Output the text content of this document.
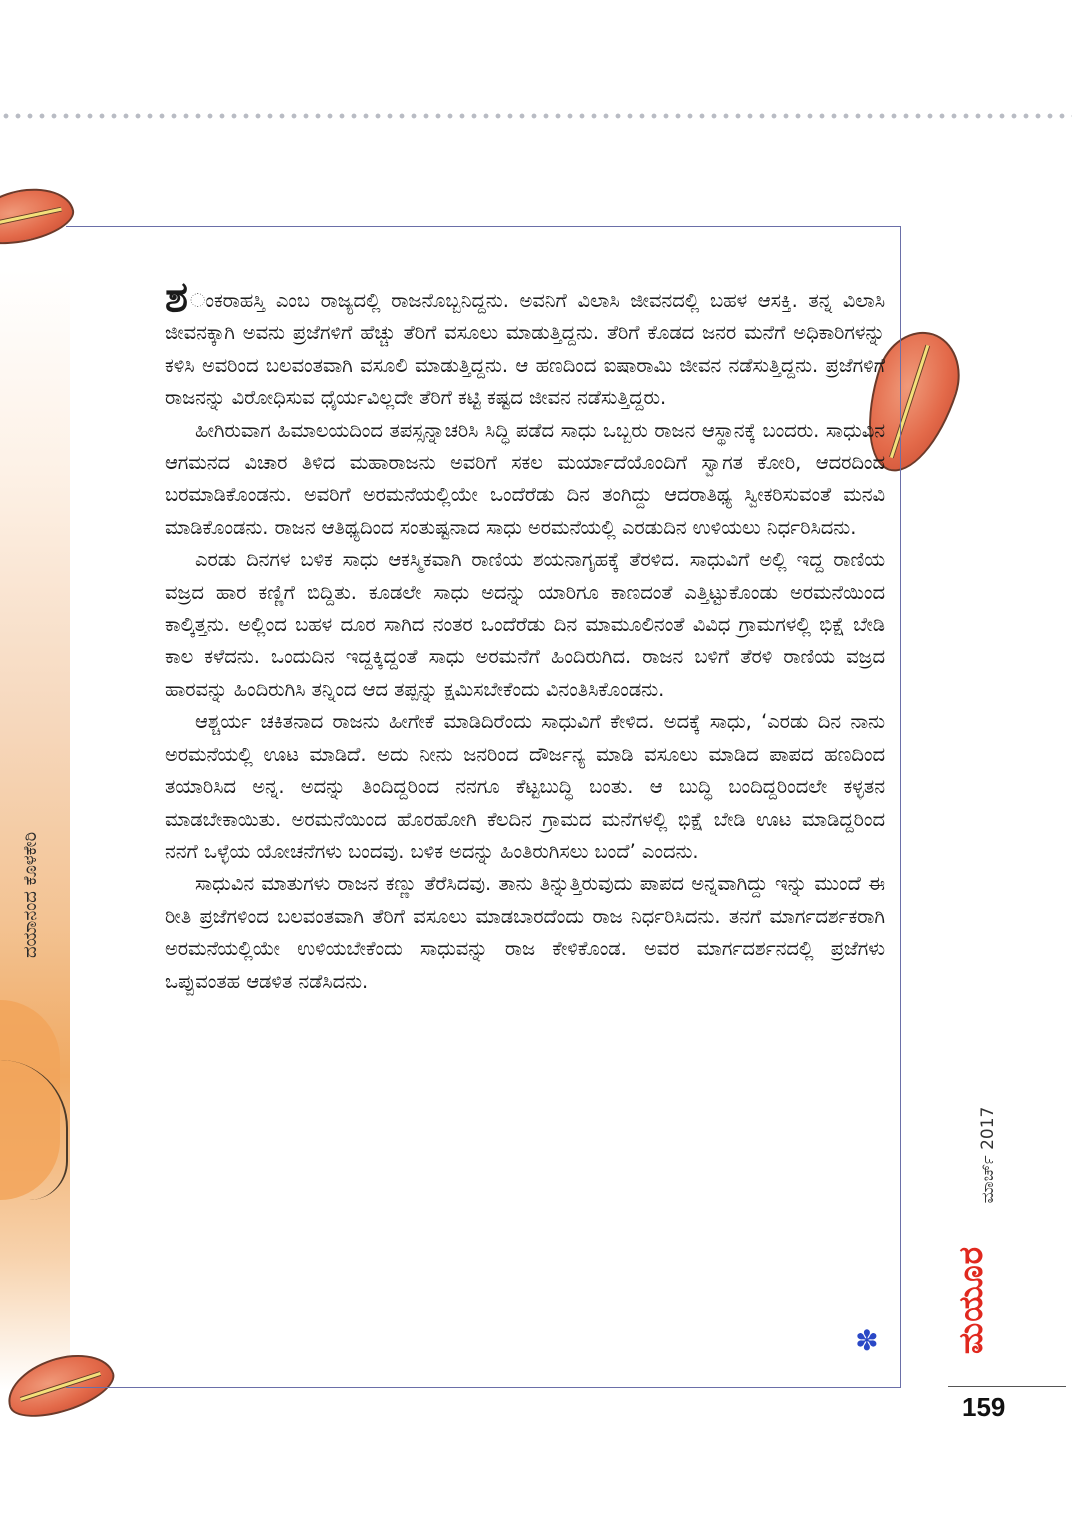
ದಯಾನಂದ ಕೊಳಕೇರಿ

ಶ ಂಕರಾಹಸ್ತಿ ಎಂಬ ರಾಜ್ಯದಲ್ಲಿ ರಾಜನೊಬ್ಬನಿದ್ದನು. ಅವನಿಗೆ ವಿಲಾಸಿ ಜೀವನದಲ್ಲಿ ಬಹಳ ಆಸಕ್ತಿ. ತನ್ನ ವಿಲಾಸಿ ಜೀವನಕ್ಕಾಗಿ ಅವನು ಪ್ರಜೆಗಳಿಗೆ ಹೆಚ್ಚು ತೆರಿಗೆ ವಸೂಲು ಮಾಡುತ್ತಿದ್ದನು. ತೆರಿಗೆ ಕೊಡದ ಜನರ ಮನೆಗೆ ಅಧಿಕಾರಿಗಳನ್ನು ಕಳಿಸಿ ಅವರಿಂದ ಬಲವಂತವಾಗಿ ವಸೂಲಿ ಮಾಡುತ್ತಿದ್ದನು. ಆ ಹಣದಿಂದ ಐಷಾರಾಮಿ ಜೀವನ ನಡೆಸುತ್ತಿದ್ದನು. ಪ್ರಜೆಗಳಿಗೆ ರಾಜನನ್ನು ವಿರೋಧಿಸುವ ಧೈರ್ಯವಿಲ್ಲದೇ ತೆರಿಗೆ ಕಟ್ಟಿ ಕಷ್ಟದ ಜೀವನ ನಡೆಸುತ್ತಿದ್ದರು.

ಹೀಗಿರುವಾಗ ಹಿಮಾಲಯದಿಂದ ತಪಸ್ಸನ್ನಾಚರಿಸಿ ಸಿದ್ಧಿ ಪಡೆದ ಸಾಧು ಒಬ್ಬರು ರಾಜನ ಆಸ್ಥಾನಕ್ಕೆ ಬಂದರು. ಸಾಧುವಿನ ಆಗಮನದ ವಿಚಾರ ತಿಳಿದ ಮಹಾರಾಜನು ಅವರಿಗೆ ಸಕಲ ಮರ್ಯಾದೆಯೊಂದಿಗೆ ಸ್ವಾಗತ ಕೋರಿ, ಆದರದಿಂದ ಬರಮಾಡಿಕೊಂಡನು. ಅವರಿಗೆ ಅರಮನೆಯಲ್ಲಿಯೇ ಒಂದೆರೆಡು ದಿನ ತಂಗಿದ್ದು ಆದರಾತಿಥ್ಯ ಸ್ವೀಕರಿಸುವಂತೆ ಮನವಿ ಮಾಡಿಕೊಂಡನು. ರಾಜನ ಆತಿಥ್ಯದಿಂದ ಸಂತುಷ್ಟನಾದ ಸಾಧು ಅರಮನೆಯಲ್ಲಿ ಎರಡುದಿನ ಉಳಿಯಲು ನಿರ್ಧರಿಸಿದನು.

ಎರಡು ದಿನಗಳ ಬಳಿಕ ಸಾಧು ಆಕಸ್ಮಿಕವಾಗಿ ರಾಣಿಯ ಶಯನಾಗೃಹಕ್ಕೆ ತೆರಳಿದ. ಸಾಧುವಿಗೆ ಅಲ್ಲಿ ಇದ್ದ ರಾಣಿಯ ವಜ್ರದ ಹಾರ ಕಣ್ಣಿಗೆ ಬಿದ್ದಿತು. ಕೂಡಲೇ ಸಾಧು ಅದನ್ನು ಯಾರಿಗೂ ಕಾಣದಂತೆ ಎತ್ತಿಟ್ಟುಕೊಂಡು ಅರಮನೆಯಿಂದ ಕಾಲ್ಕಿತ್ತನು. ಅಲ್ಲಿಂದ ಬಹಳ ದೂರ ಸಾಗಿದ ನಂತರ ಒಂದೆರೆಡು ದಿನ ಮಾಮೂಲಿನಂತೆ ವಿವಿಧ ಗ್ರಾಮಗಳಲ್ಲಿ ಭಿಕ್ಷೆ ಬೇಡಿ ಕಾಲ ಕಳೆದನು. ಒಂದುದಿನ ಇದ್ದಕ್ಕಿದ್ದಂತೆ ಸಾಧು ಅರಮನೆಗೆ ಹಿಂದಿರುಗಿದ. ರಾಜನ ಬಳಿಗೆ ತೆರಳಿ ರಾಣಿಯ ವಜ್ರದ ಹಾರವನ್ನು ಹಿಂದಿರುಗಿಸಿ ತನ್ನಿಂದ ಆದ ತಪ್ಪನ್ನು ಕ್ಷಮಿಸಬೇಕೆಂದು ವಿನಂತಿಸಿಕೊಂಡನು.

ಆಶ್ಚರ್ಯ ಚಕಿತನಾದ ರಾಜನು ಹೀಗೇಕೆ ಮಾಡಿದಿರೆಂದು ಸಾಧುವಿಗೆ ಕೇಳಿದ. ಅದಕ್ಕೆ ಸಾಧು, ‘ಎರಡು ದಿನ ನಾನು ಅರಮನೆಯಲ್ಲಿ ಊಟ ಮಾಡಿದೆ. ಅದು ನೀನು ಜನರಿಂದ ದೌರ್ಜನ್ಯ ಮಾಡಿ ವಸೂಲು ಮಾಡಿದ ಪಾಪದ ಹಣದಿಂದ ತಯಾರಿಸಿದ ಅನ್ನ. ಅದನ್ನು ತಿಂದಿದ್ದರಿಂದ ನನಗೂ ಕೆಟ್ಟಬುದ್ಧಿ ಬಂತು. ಆ ಬುದ್ಧಿ ಬಂದಿದ್ದರಿಂದಲೇ ಕಳ್ಳತನ ಮಾಡಬೇಕಾಯಿತು. ಅರಮನೆಯಿಂದ ಹೊರಹೋಗಿ ಕೆಲದಿನ ಗ್ರಾಮದ ಮನೆಗಳಲ್ಲಿ ಭಿಕ್ಷೆ ಬೇಡಿ ಊಟ ಮಾಡಿದ್ದರಿಂದ ನನಗೆ ಒಳ್ಳೆಯ ಯೋಚನೆಗಳು ಬಂದವು. ಬಳಿಕ ಅದನ್ನು ಹಿಂತಿರುಗಿಸಲು ಬಂದೆ’ ಎಂದನು.

ಸಾಧುವಿನ ಮಾತುಗಳು ರಾಜನ ಕಣ್ಣು ತೆರೆಸಿದವು. ತಾನು ತಿನ್ನುತ್ತಿರುವುದು ಪಾಪದ ಅನ್ನವಾಗಿದ್ದು ಇನ್ನು ಮುಂದೆ ಈ ರೀತಿ ಪ್ರಜೆಗಳಿಂದ ಬಲವಂತವಾಗಿ ತೆರಿಗೆ ವಸೂಲು ಮಾಡಬಾರದೆಂದು ರಾಜ ನಿರ್ಧರಿಸಿದನು. ತನಗೆ ಮಾರ್ಗದರ್ಶಕರಾಗಿ ಅರಮನೆಯಲ್ಲಿಯೇ ಉಳಿಯಬೇಕೆಂದು ಸಾಧುವನ್ನು ರಾಜ ಕೇಳಿಕೊಂಡ. ಅವರ ಮಾರ್ಗದರ್ಶನದಲ್ಲಿ ಪ್ರಜೆಗಳು ಒಪ್ಪುವಂತಹ ಆಡಳಿತ ನಡೆಸಿದನು.

✽
ಮಾರ್ಚ್ 2017
ಮಯೂರ
159
